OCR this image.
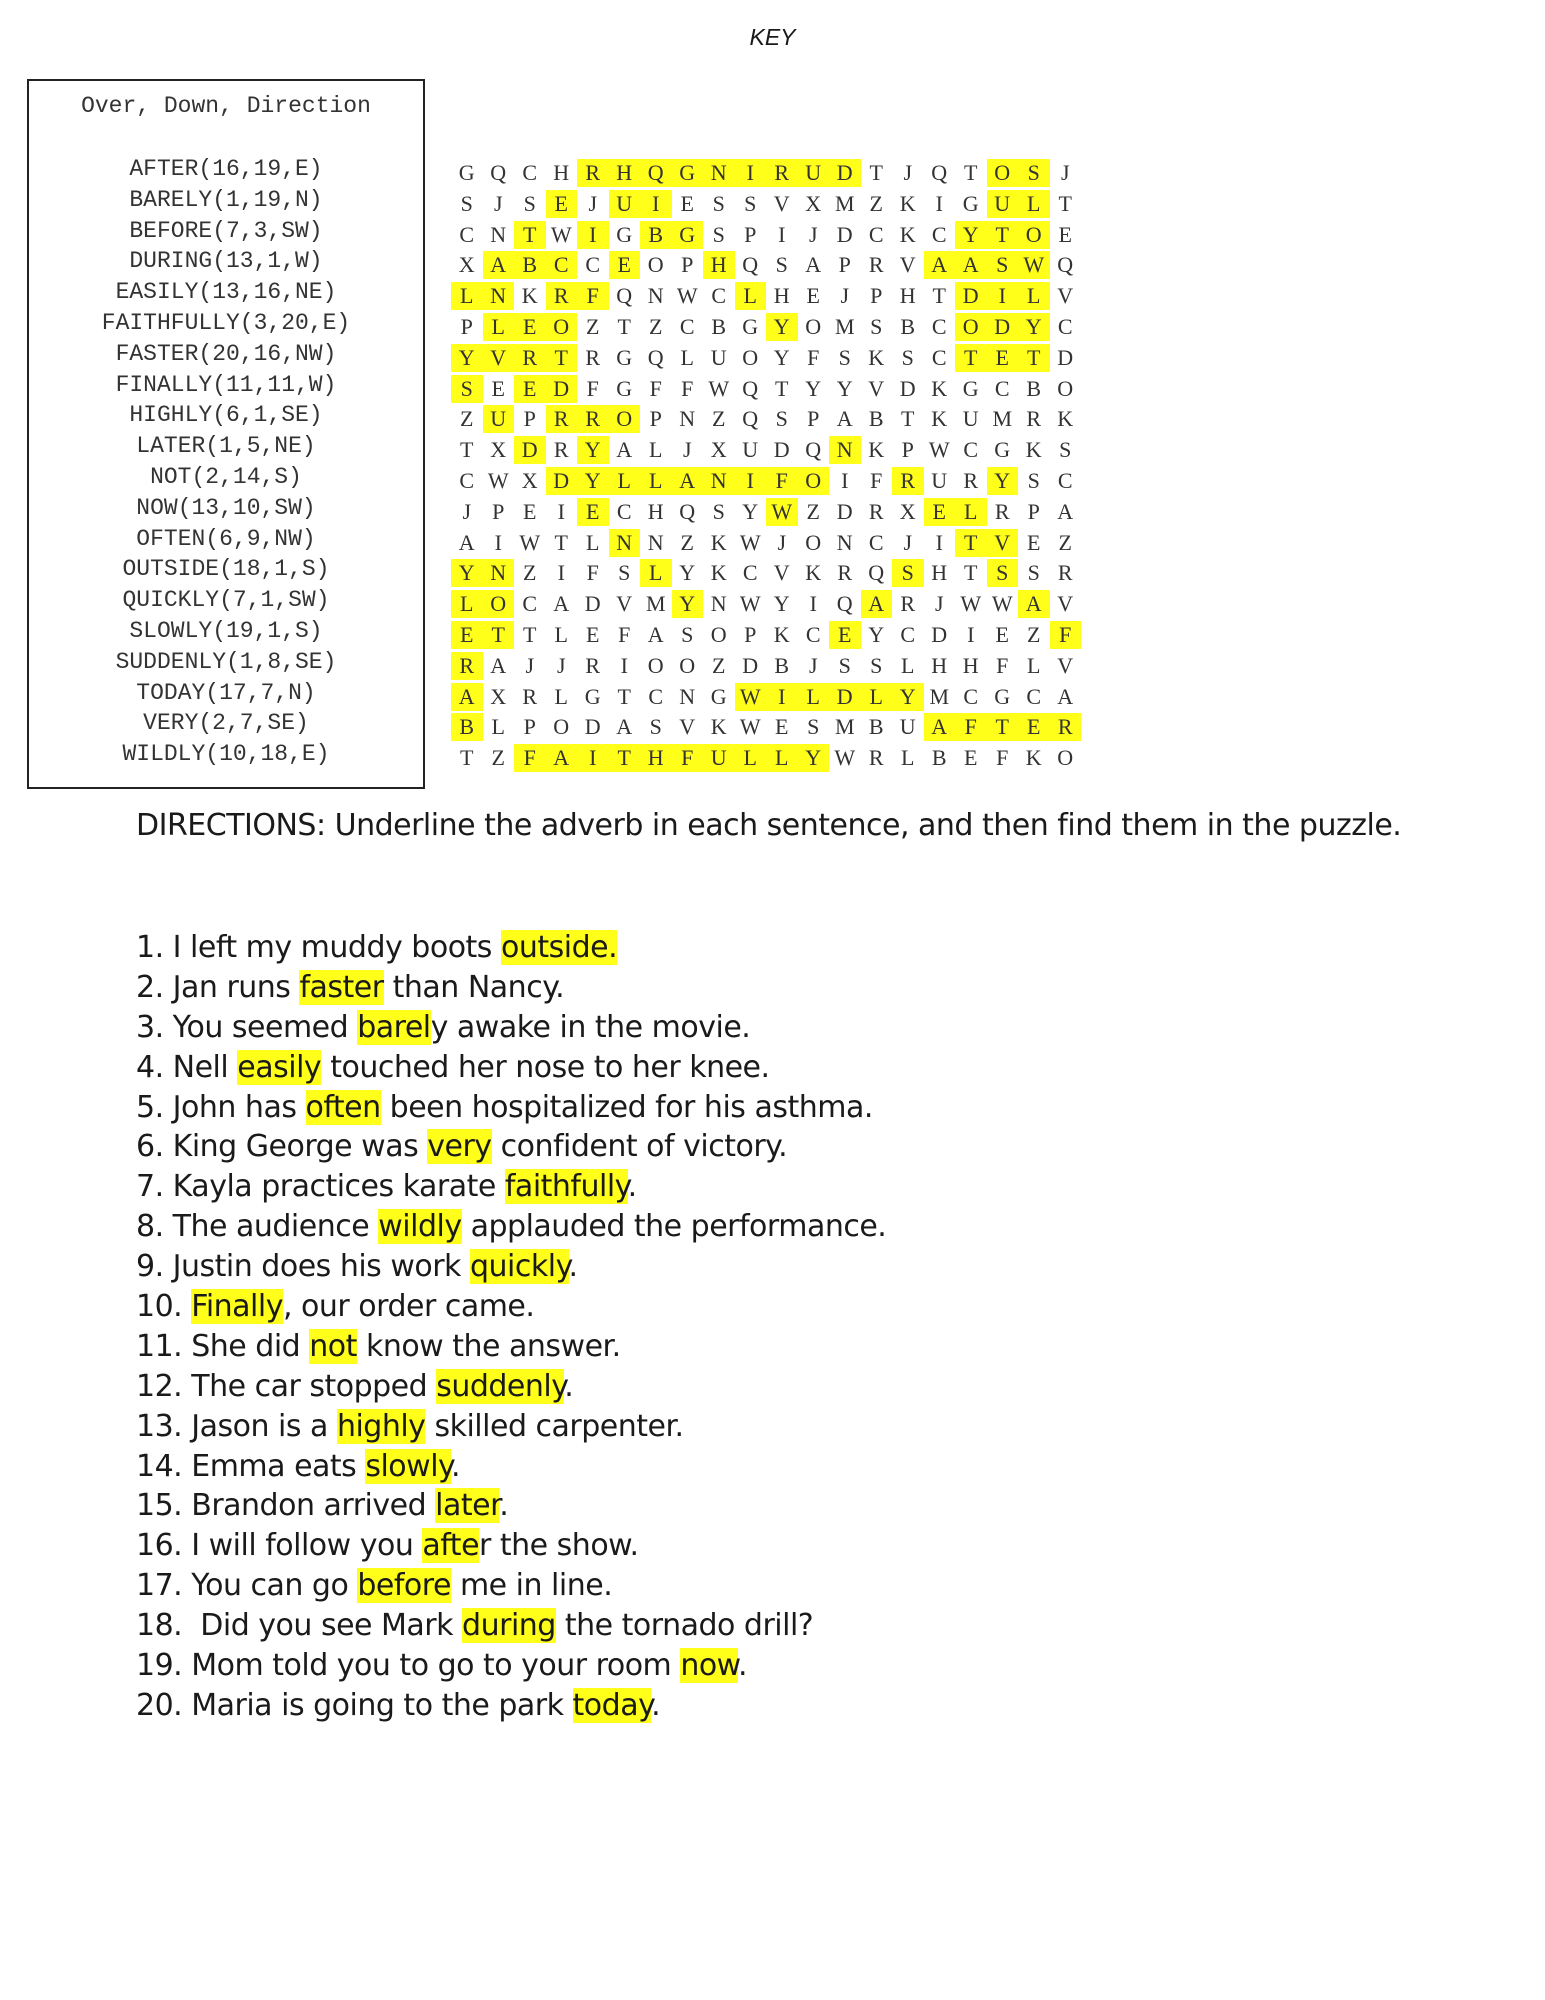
KEY
Over, Down, Direction
AFTER(16,19,E)
BARELY(1,19,N)
BEFORE(7,3,SW)
DURING(13,1,W)
EASILY(13,16,NE)
FAITHFULLY(3,20,E)
FASTER(20,16,NW)
FINALLY(11,11,W)
HIGHLY(6,1,SE)
LATER(1,5,NE)
NOT(2,14,S)
NOW(13,10,SW)
OFTEN(6,9,NW)
OUTSIDE(18,1,S)
QUICKLY(7,1,SW)
SLOWLY(19,1,S)
SUDDENLY(1,8,SE)
TODAY(17,7,N)
VERY(2,7,SE)
WILDLY(10,18,E)
G Q C H R H Q G N I R U D T J Q T O S J
S J S E J U I E S S V X M Z K I G U L T
C N T W I G B G S P I	J D C K C Y T O E
X A B C C E O P H Q S A P R V A A S W Q
L N K R F Q N W C L H E J P H T D I L V
P L E O Z T Z C B G Y O M S B C O D Y C
Y V R T R G Q L U O Y F S K S C T E T D
S E E D F G F F W Q T Y Y V D K G C B O
Z U P R R O P N Z Q S P A B T K U M R K
T X D R Y A L J X U D Q N K P W C G K S
C W X D Y L L A N I F O I F R U R Y S C
J P E I E C H Q S Y W Z D R X E L R P A
A I W T L N N Z K W J O N C J	I T V E Z
Y N Z I F S L Y K C V K R Q S H T S S R
L O C A D V M Y N W Y I Q A R J W W A V
E T T L E F A S O P K C E Y C D I E Z F
R A J	J R I O O Z D B J S S L H H F L V
A X R L G T C N G W I L D L Y M C G C A
B L P O D A S V K W E S M B U A F T E R
T Z F A I T H F U L L Y W R L B E F K O
DIRECTIONS: Underline the adverb in each sentence, and then find them in the puzzle.
1. I left my muddy boots outside.
2. Jan runs faster than Nancy.
3. You seemed barely awake in the movie.
4. Nell easily touched her nose to her knee.
5. John has often been hospitalized for his asthma.
6. King George was very confident of victory.
7. Kayla practices karate faithfully.
8. The audience wildly applauded the performance.
9. Justin does his work quickly.
10. Finally, our order came.
11. She did not know the answer.
12. The car stopped suddenly.
13. Jason is a highly skilled carpenter.
14. Emma eats slowly.
15. Brandon arrived later.
16. I will follow you after the show.
17. You can go before me in line.
18.  Did you see Mark during the tornado drill?
19. Mom told you to go to your room now.
20. Maria is going to the park today.
